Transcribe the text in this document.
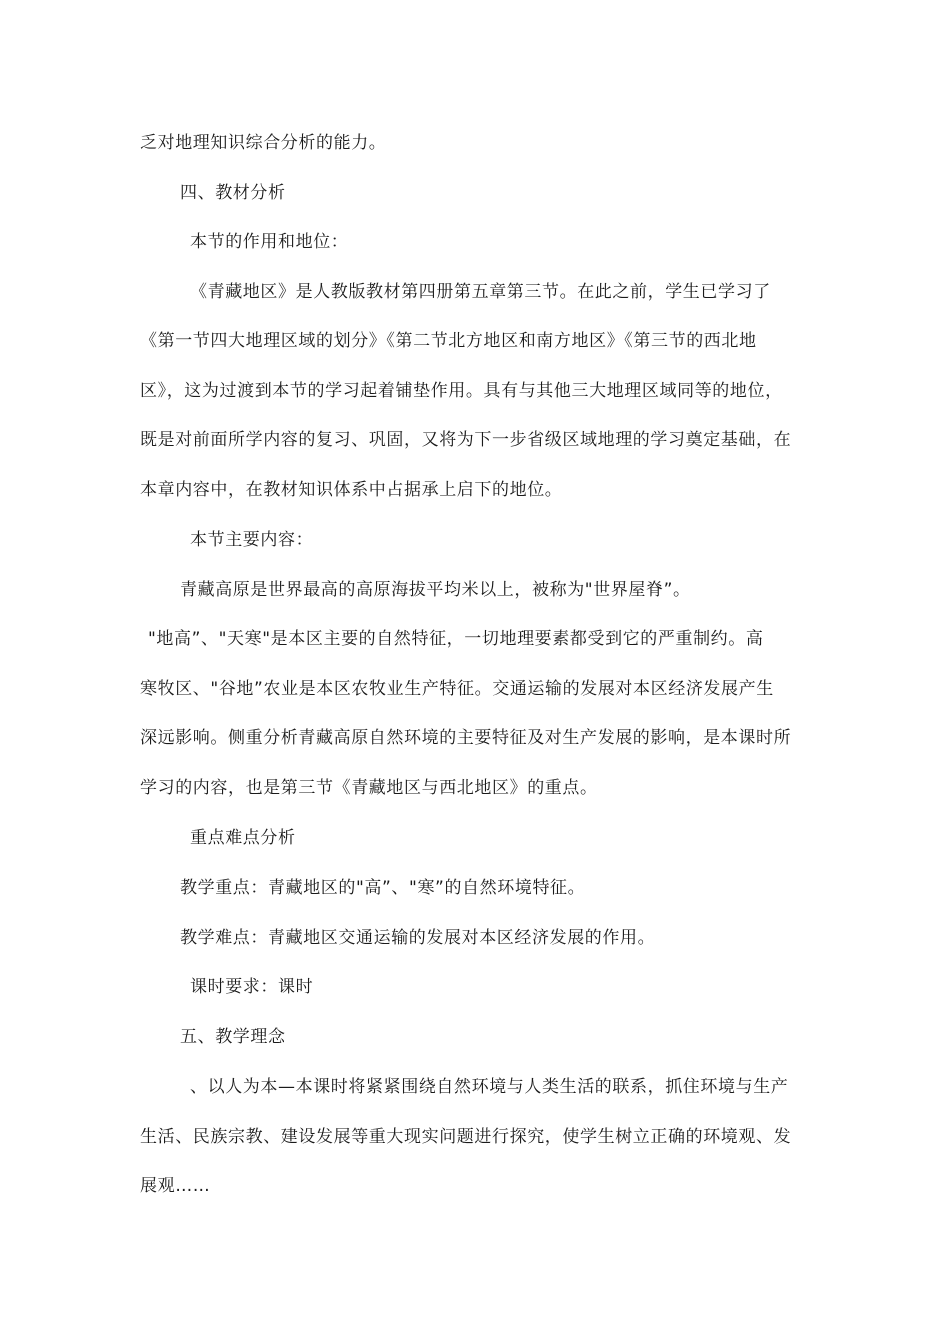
乏对地理知识综合分析的能力。
四、教材分析
本节的作用和地位：
《青藏地区》是人教版教材第四册第五章第三节。在此之前，学生已学习了
《第一节四大地理区域的划分》《第二节北方地区和南方地区》《第三节的西北地
区》，这为过渡到本节的学习起着铺垫作用。具有与其他三大地理区域同等的地位，
既是对前面所学内容的复习、巩固，又将为下一步省级区域地理的学习奠定基础，在
本章内容中，在教材知识体系中占据承上启下的地位。
本节主要内容：
青藏高原是世界最高的高原海拔平均米以上，被称为"世界屋脊”。
"地高”、"天寒"是本区主要的自然特征，一切地理要素都受到它的严重制约。高
寒牧区、"谷地”农业是本区农牧业生产特征。交通运输的发展对本区经济发展产生
深远影响。侧重分析青藏高原自然环境的主要特征及对生产发展的影响，是本课时所
学习的内容，也是第三节《青藏地区与西北地区》的重点。
重点难点分析
教学重点：青藏地区的"高”、"寒”的自然环境特征。
教学难点：青藏地区交通运输的发展对本区经济发展的作用。
课时要求：课时
五、教学理念
、以人为本—本课时将紧紧围绕自然环境与人类生活的联系，抓住环境与生产
生活、民族宗教、建设发展等重大现实问题进行探究，使学生树立正确的环境观、发
展观……
